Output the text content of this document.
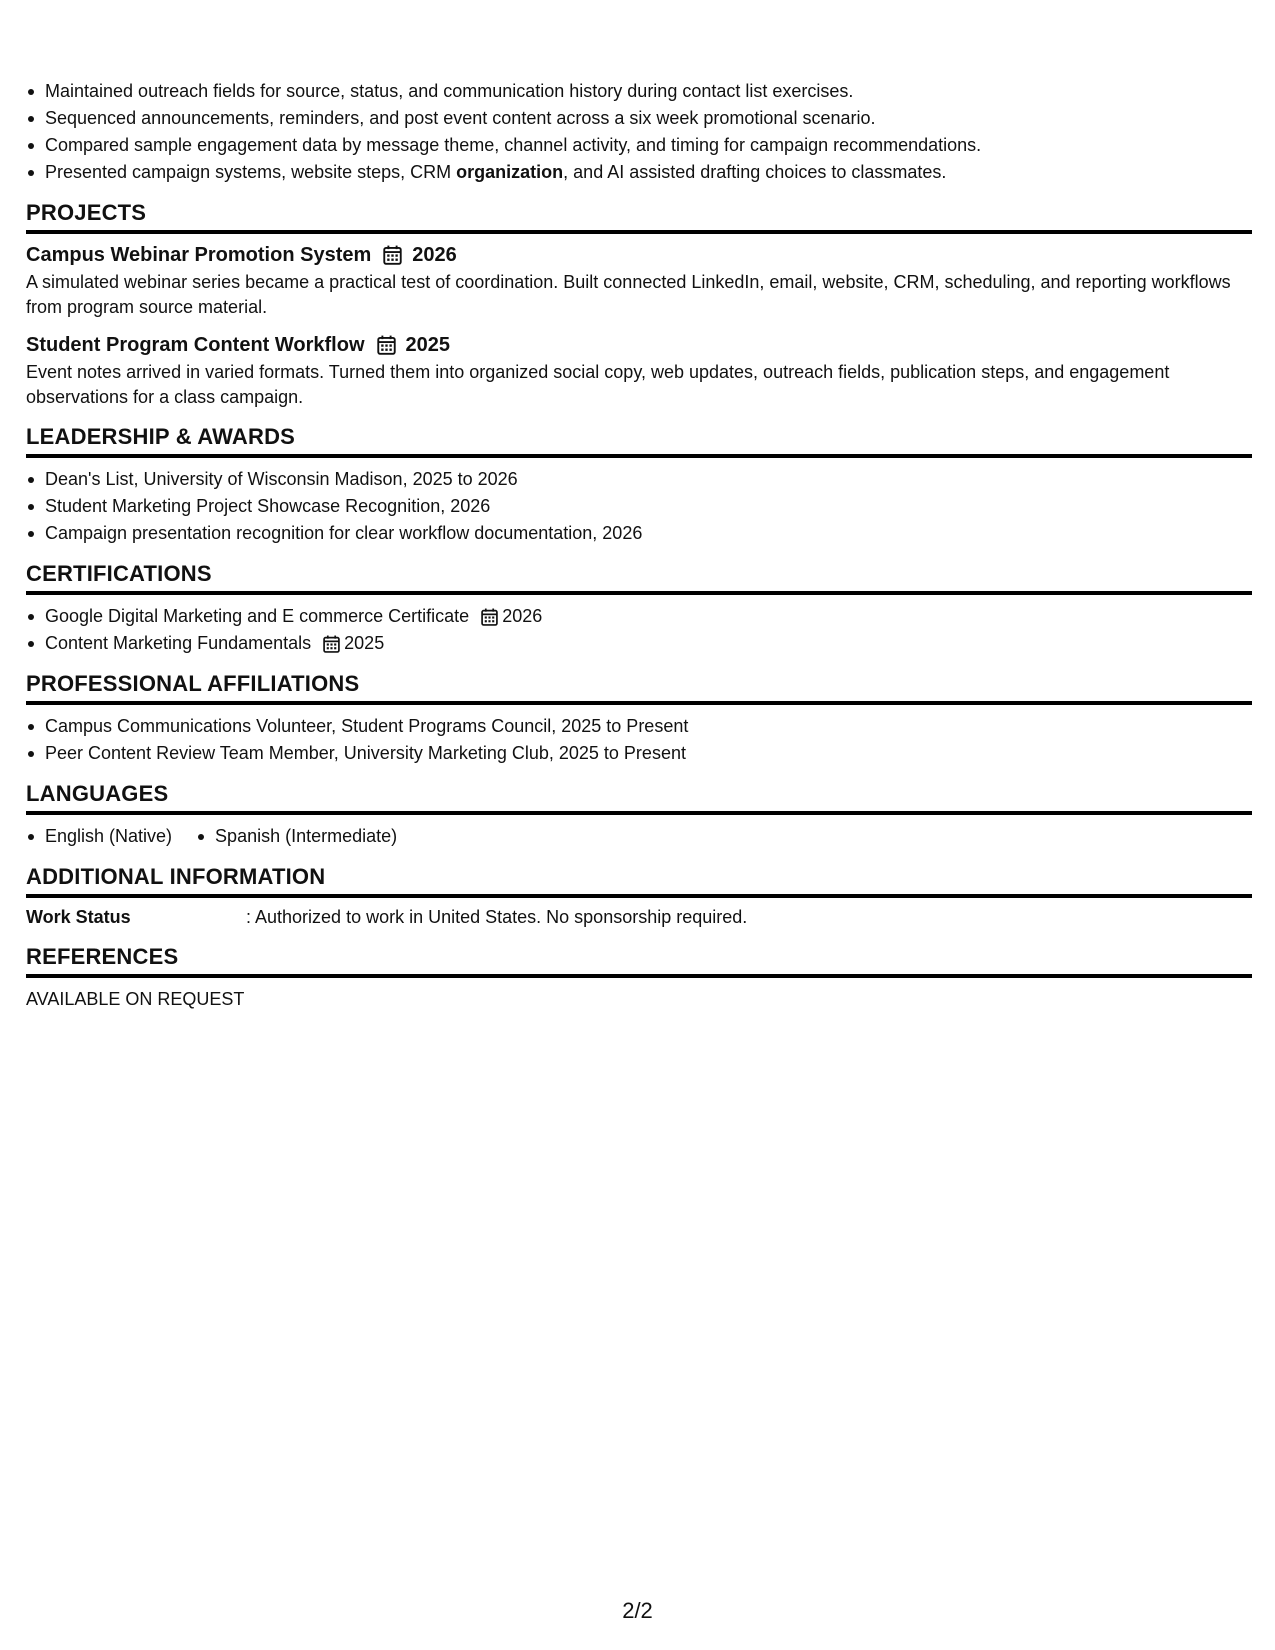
Maintained outreach fields for source, status, and communication history during contact list exercises.
Sequenced announcements, reminders, and post event content across a six week promotional scenario.
Compared sample engagement data by message theme, channel activity, and timing for campaign recommendations.
Presented campaign systems, website steps, CRM organization, and AI assisted drafting choices to classmates.
PROJECTS
Campus Webinar Promotion System 2026
A simulated webinar series became a practical test of coordination. Built connected LinkedIn, email, website, CRM, scheduling, and reporting workflows from program source material.
Student Program Content Workflow 2025
Event notes arrived in varied formats. Turned them into organized social copy, web updates, outreach fields, publication steps, and engagement observations for a class campaign.
LEADERSHIP & AWARDS
Dean's List, University of Wisconsin Madison, 2025 to 2026
Student Marketing Project Showcase Recognition, 2026
Campaign presentation recognition for clear workflow documentation, 2026
CERTIFICATIONS
Google Digital Marketing and E commerce Certificate 2026
Content Marketing Fundamentals 2025
PROFESSIONAL AFFILIATIONS
Campus Communications Volunteer, Student Programs Council, 2025 to Present
Peer Content Review Team Member, University Marketing Club, 2025 to Present
LANGUAGES
English (Native)	Spanish (Intermediate)
ADDITIONAL INFORMATION
Work Status	: Authorized to work in United States. No sponsorship required.
REFERENCES
AVAILABLE ON REQUEST
2/2
